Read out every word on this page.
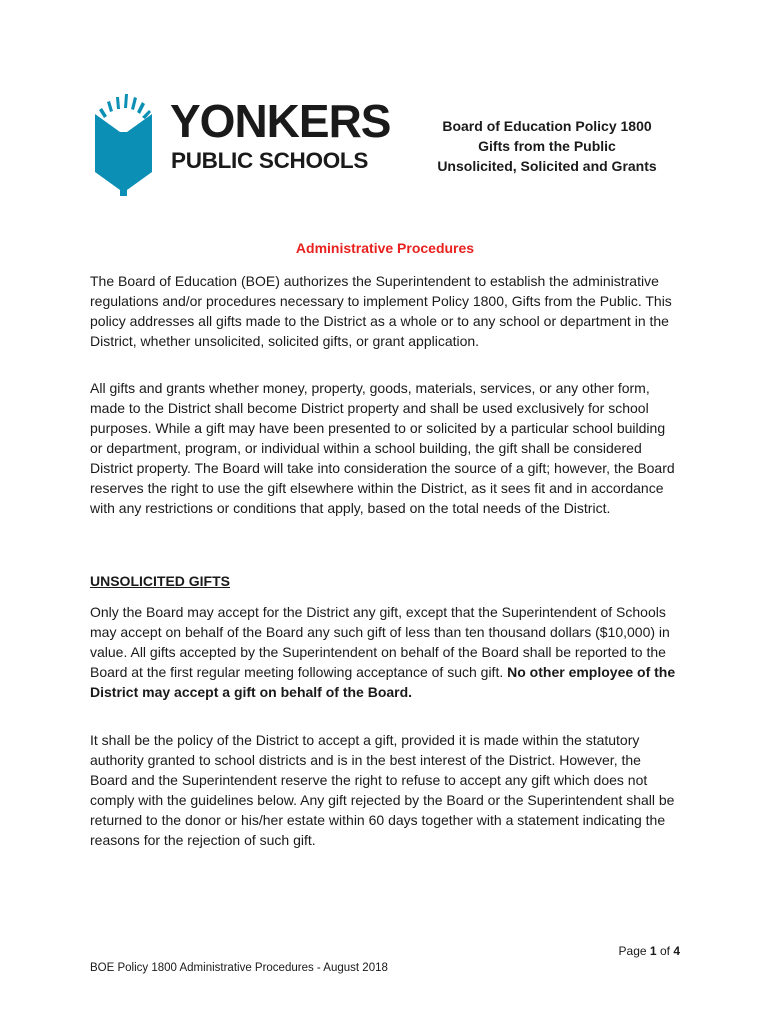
YONKERS
PUBLIC SCHOOLS
Board of Education Policy 1800
Gifts from the Public
Unsolicited, Solicited and Grants
Administrative Procedures

The Board of Education (BOE) authorizes the Superintendent to establish the administrative regulations and/or procedures necessary to implement Policy 1800, Gifts from the Public. This policy addresses all gifts made to the District as a whole or to any school or department in the District, whether unsolicited, solicited gifts, or grant application.

All gifts and grants whether money, property, goods, materials, services, or any other form, made to the District shall become District property and shall be used exclusively for school purposes. While a gift may have been presented to or solicited by a particular school building or department, program, or individual within a school building, the gift shall be considered District property. The Board will take into consideration the source of a gift; however, the Board reserves the right to use the gift elsewhere within the District, as it sees fit and in accordance with any restrictions or conditions that apply, based on the total needs of the District.

UNSOLICITED GIFTS

Only the Board may accept for the District any gift, except that the Superintendent of Schools may accept on behalf of the Board any such gift of less than ten thousand dollars ($10,000) in value. All gifts accepted by the Superintendent on behalf of the Board shall be reported to the Board at the first regular meeting following acceptance of such gift. No other employee of the District may accept a gift on behalf of the Board.

It shall be the policy of the District to accept a gift, provided it is made within the statutory authority granted to school districts and is in the best interest of the District. However, the Board and the Superintendent reserve the right to refuse to accept any gift which does not comply with the guidelines below. Any gift rejected by the Board or the Superintendent shall be returned to the donor or his/her estate within 60 days together with a statement indicating the reasons for the rejection of such gift.

Page 1 of 4
BOE Policy 1800 Administrative Procedures - August 2018
